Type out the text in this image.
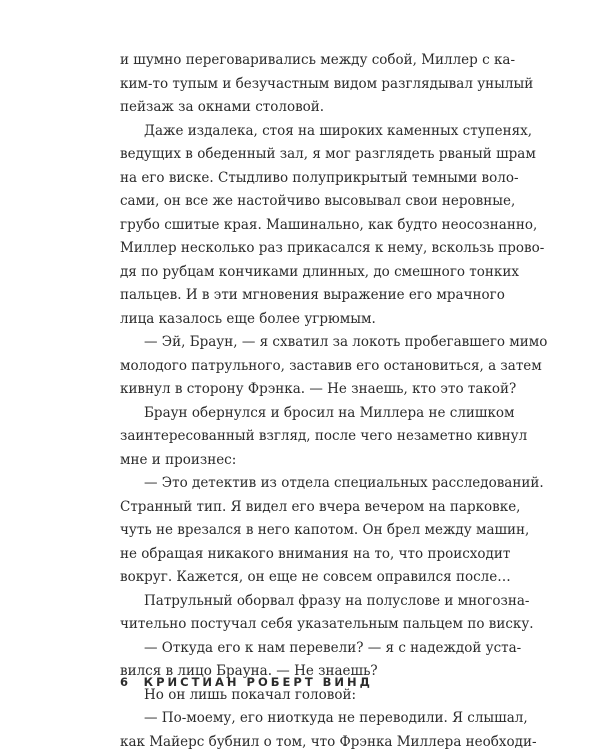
и шумно переговаривались между собой, Миллер с ка-
ким-то тупым и безучастным видом разглядывал унылый
пейзаж за окнами столовой.
Даже издалека, стоя на широких каменных ступенях,
ведущих в обеденный зал, я мог разглядеть рваный шрам
на его виске. Стыдливо полуприкрытый темными воло-
сами, он все же настойчиво высовывал свои неровные,
грубо сшитые края. Машинально, как будто неосознанно,
Миллер несколько раз прикасался к нему, вскользь прово-
дя по рубцам кончиками длинных, до смешного тонких
пальцев. И в эти мгновения выражение его мрачного
лица казалось еще более угрюмым.
— Эй, Браун, — я схватил за локоть пробегавшего мимо
молодого патрульного, заставив его остановиться, а затем
кивнул в сторону Фрэнка. — Не знаешь, кто это такой?
Браун обернулся и бросил на Миллера не слишком
заинтересованный взгляд, после чего незаметно кивнул
мне и произнес:
— Это детектив из отдела специальных расследований.
Странный тип. Я видел его вчера вечером на парковке,
чуть не врезался в него капотом. Он брел между машин,
не обращая никакого внимания на то, что происходит
вокруг. Кажется, он еще не совсем оправился после…
Патрульный оборвал фразу на полуслове и многозна-
чительно постучал себя указательным пальцем по виску.
— Откуда его к нам перевели? — я с надеждой уста-
вился в лицо Брауна. — Не знаешь?
Но он лишь покачал головой:
— По-моему, его ниоткуда не переводили. Я слышал,
как Майерс бубнил о том, что Фрэнка Миллера необходи-
6 КРИСТИАН РОБЕРТ ВИНД
